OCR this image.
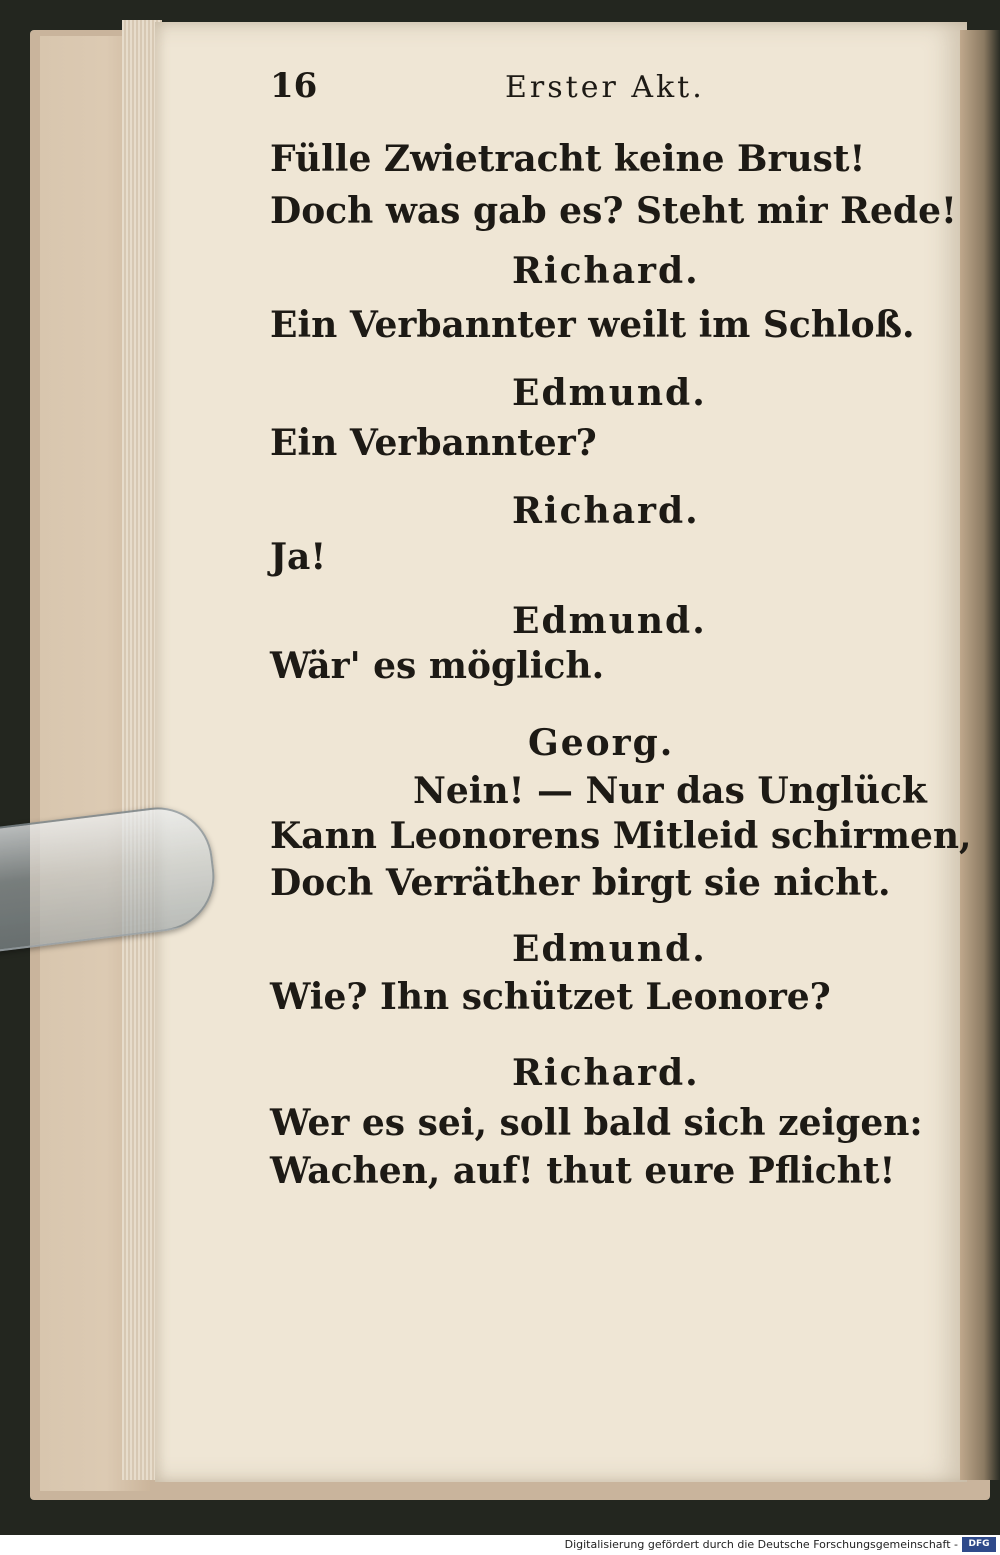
16	Erster Akt.
Fülle Zwietracht keine Brust!
Doch was gab es? Steht mir Rede!
Richard.
Ein Verbannter weilt im Schloß.
Edmund.
Ein Verbannter?
Richard.
Ja!
Edmund.
Wär' es möglich.
Georg.
Nein! — Nur das Unglück
Kann Leonorens Mitleid schirmen,
Doch Verräther birgt sie nicht.
Edmund.
Wie? Ihn schützet Leonore?
Richard.
Wer es sei, soll bald sich zeigen:
Wachen, auf! thut eure Pflicht!
Digitalisierung gefördert durch die Deutsche Forschungsgemeinschaft -	DFG
